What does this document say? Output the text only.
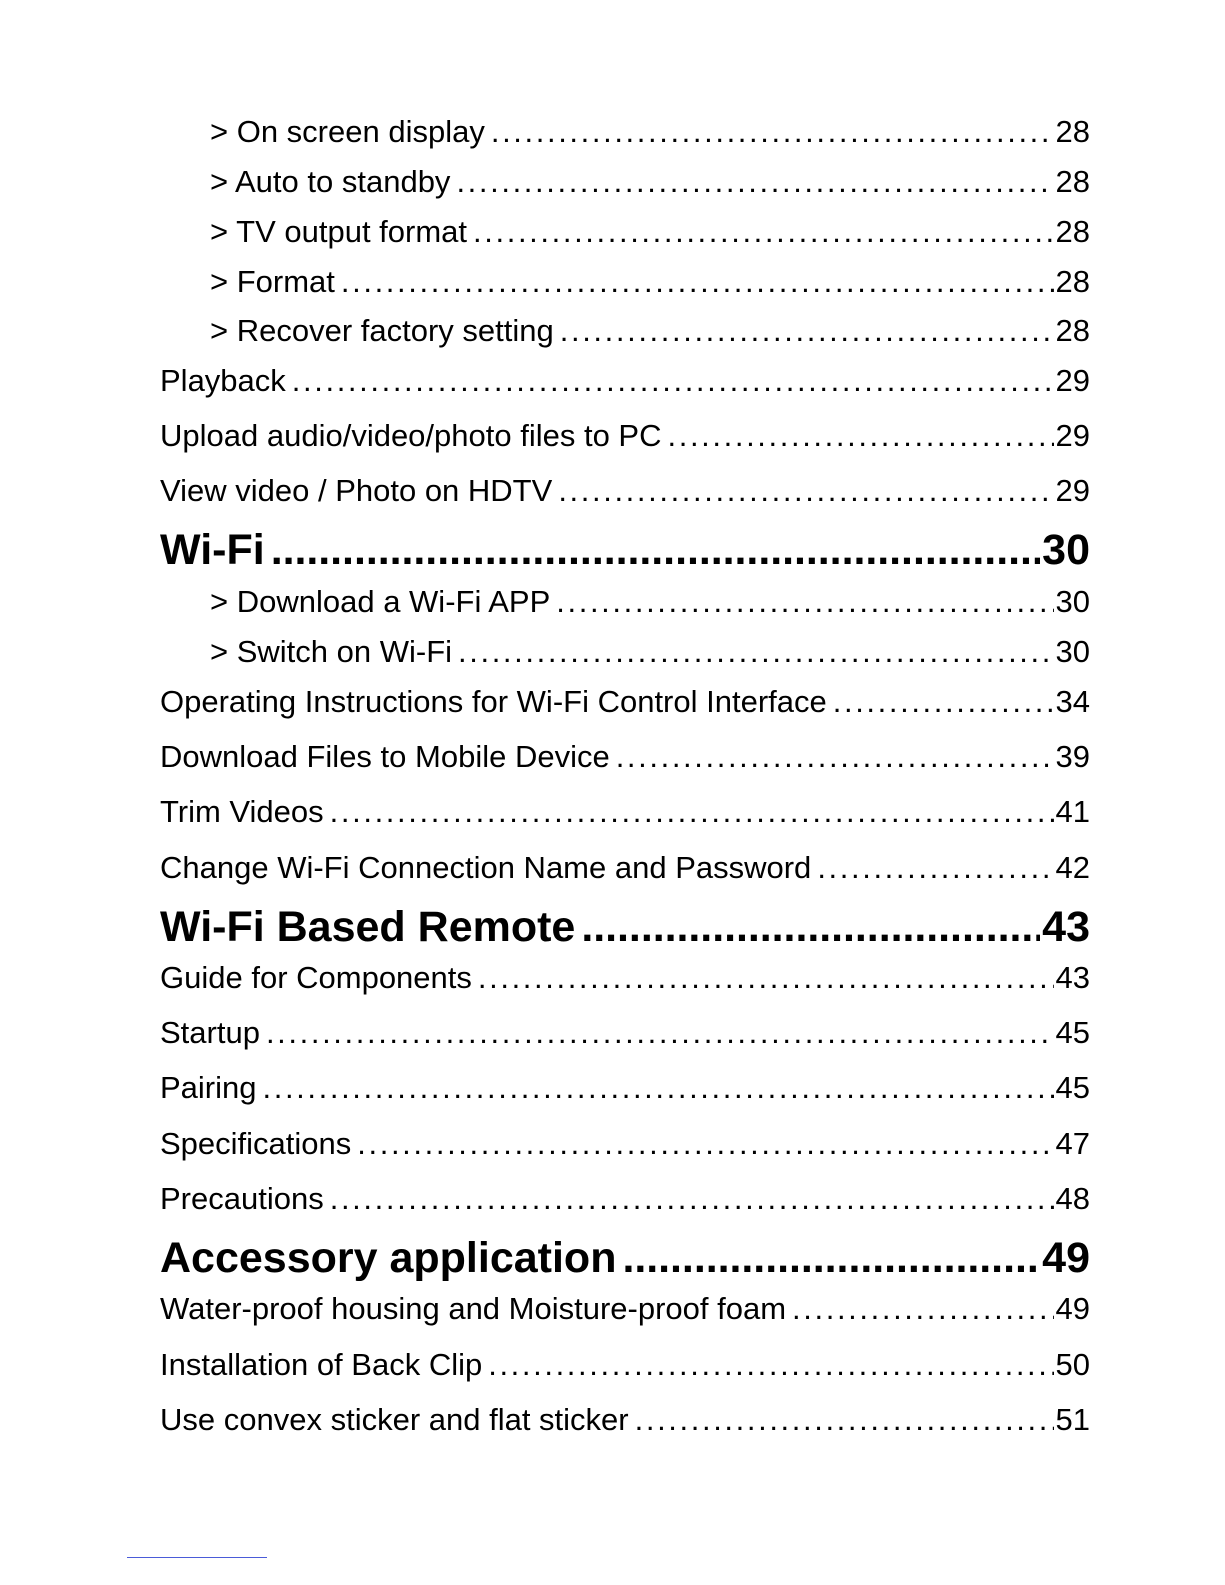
> On screen display . . .	28
> Auto to standby . . .	28
> TV output format . . .	28
> Format . . .	28
> Recover factory setting . . .	28
Playback . . .	29
Upload audio/video/photo files to PC . . .	29
View video / Photo on HDTV . . .	29
Wi-Fi . . .	30
> Download a Wi-Fi APP . . .	30
> Switch on Wi-Fi . . .	30
Operating Instructions for Wi-Fi Control Interface . . .	34
Download Files to Mobile Device . . .	39
Trim Videos . . .	41
Change Wi-Fi Connection Name and Password . . .	42
Wi-Fi Based Remote . . .	43
Guide for Components . . .	43
Startup . . .	45
Pairing . . .	45
Specifications . . .	47
Precautions . . .	48
Accessory application . . .	49
Water-proof housing and Moisture-proof foam . . .	49
Installation of Back Clip . . .	50
Use convex sticker and flat sticker . . .	51
